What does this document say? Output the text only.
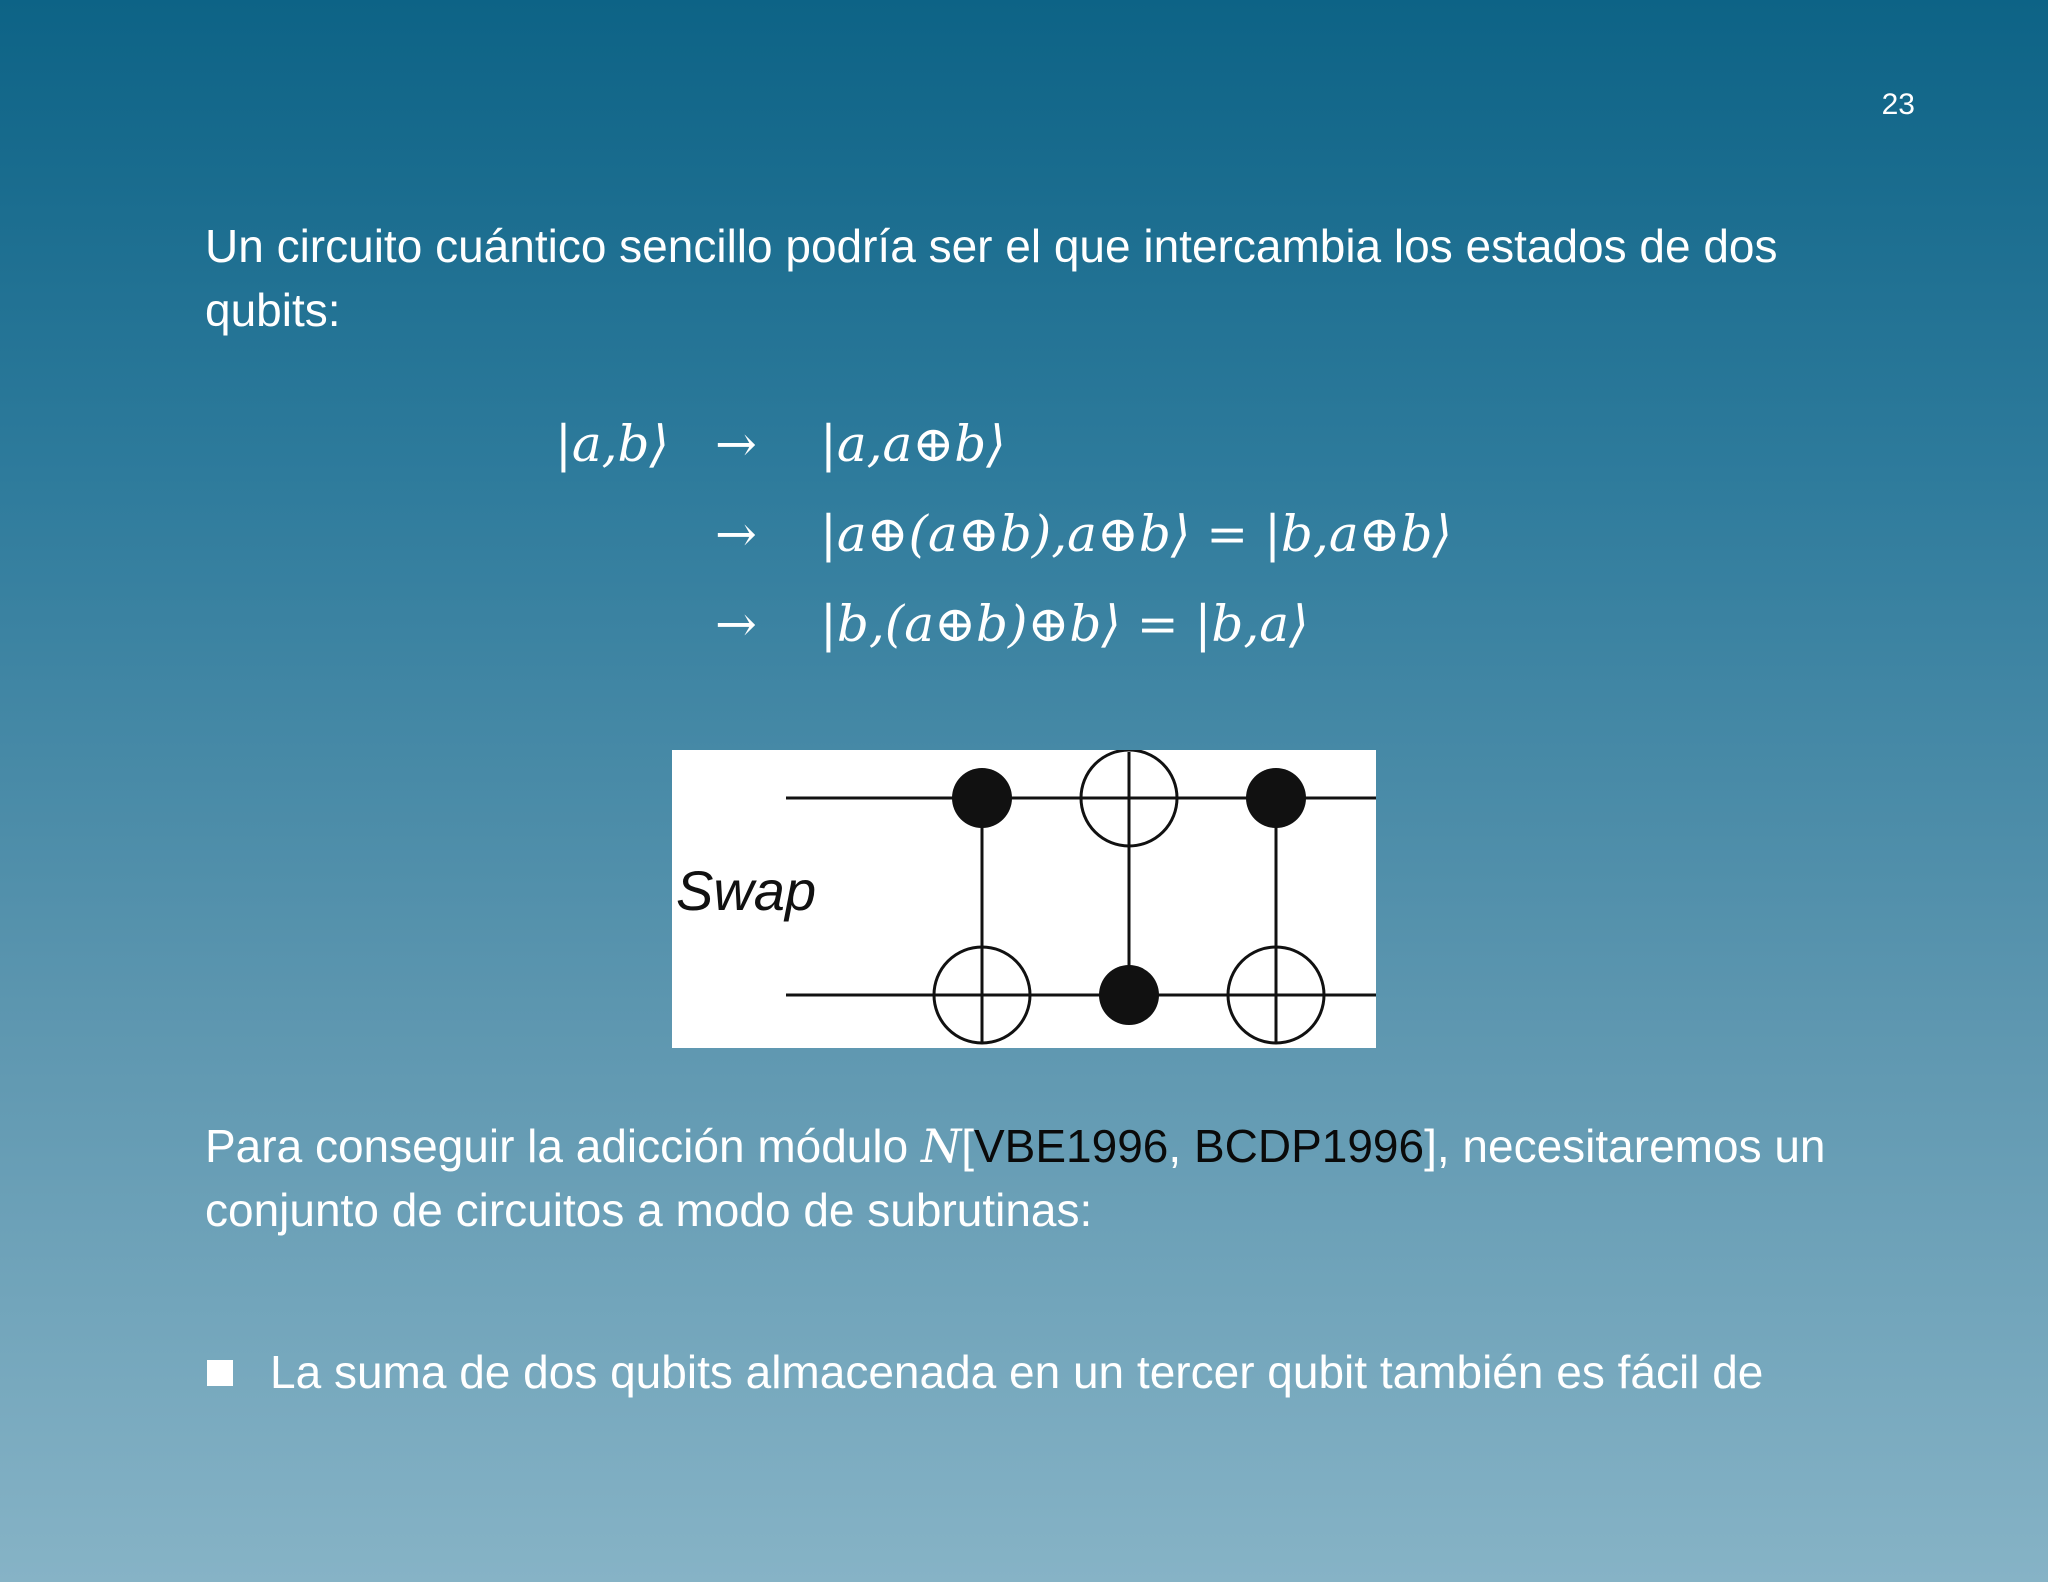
23

Un circuito cuántico sencillo podría ser el que intercambia los estados de dos qubits:

|a,b⟩ → |a,a⊕b⟩
→ |a⊕(a⊕b),a⊕b⟩ = |b,a⊕b⟩
→ |b,(a⊕b)⊕b⟩ = |b,a⟩
Swap

Para conseguir la adicción módulo N[VBE1996, BCDP1996], necesitaremos un conjunto de circuitos a modo de subrutinas:

La suma de dos qubits almacenada en un tercer qubit también es fácil de
